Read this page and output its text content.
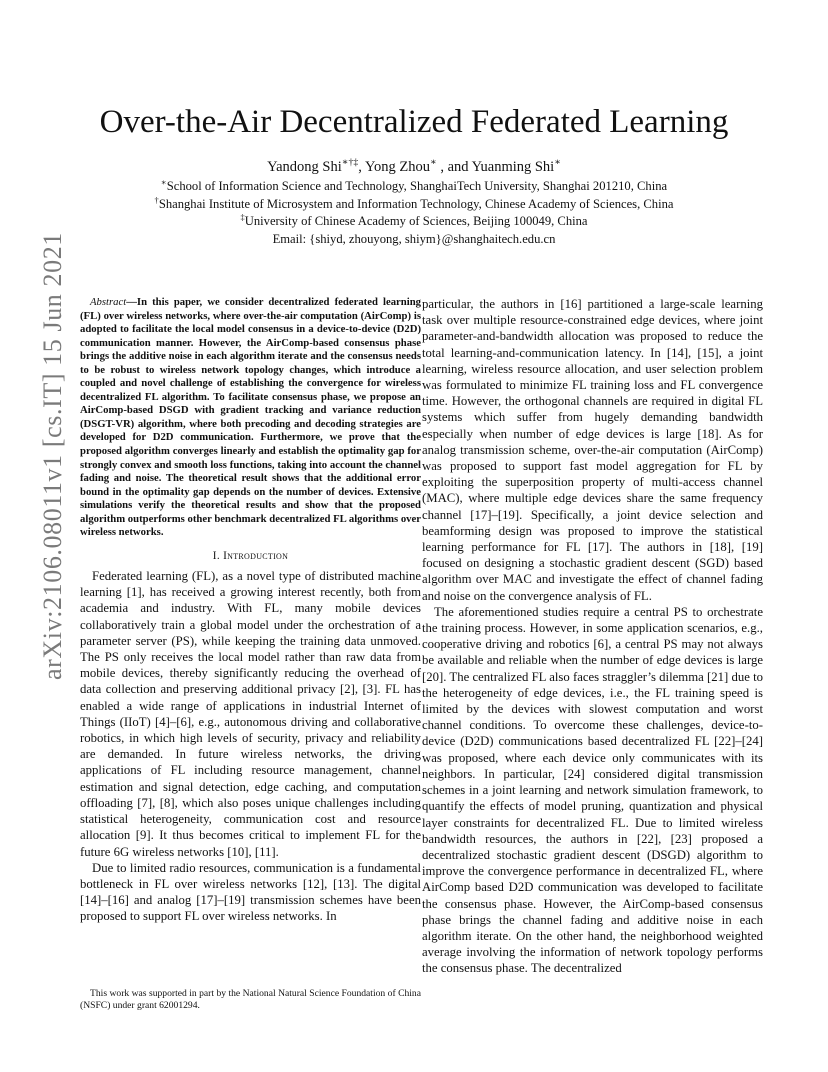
Over-the-Air Decentralized Federated Learning
Yandong Shi∗†‡, Yong Zhou∗ , and Yuanming Shi∗
∗School of Information Science and Technology, ShanghaiTech University, Shanghai 201210, China
†Shanghai Institute of Microsystem and Information Technology, Chinese Academy of Sciences, China
‡University of Chinese Academy of Sciences, Beijing 100049, China
Email: {shiyd, zhouyong, shiym}@shanghaitech.edu.cn
arXiv:2106.08011v1 [cs.IT] 15 Jun 2021	Abstract—In this paper, we consider decentralized federated learning (FL) over wireless networks, where over-the-air computation (AirComp) is adopted to facilitate the local model consensus in a device-to-device (D2D) communication manner. However, the AirComp-based consensus phase brings the additive noise in each algorithm iterate and the consensus needs to be robust to wireless network topology changes, which introduce a coupled and novel challenge of establishing the convergence for wireless decentralized FL algorithm. To facilitate consensus phase, we propose an AirComp-based DSGD with gradient tracking and variance reduction (DSGT-VR) algorithm, where both precoding and decoding strategies are developed for D2D communication. Furthermore, we prove that the proposed algorithm converges linearly and establish the optimality gap for strongly convex and smooth loss functions, taking into account the channel fading and noise. The theoretical result shows that the additional error bound in the optimality gap depends on the number of devices. Extensive simulations verify the theoretical results and show that the proposed algorithm outperforms other benchmark decentralized FL algorithms over wireless networks.

I. Introduction

Federated learning (FL), as a novel type of distributed machine learning [1], has received a growing interest recently, both from academia and industry. With FL, many mobile devices collaboratively train a global model under the orchestration of a parameter server (PS), while keeping the training data unmoved. The PS only receives the local model rather than raw data from mobile devices, thereby significantly reducing the overhead of data collection and preserving additional privacy [2], [3]. FL has enabled a wide range of applications in industrial Internet of Things (IIoT) [4]–[6], e.g., autonomous driving and collaborative robotics, in which high levels of security, privacy and reliability are demanded. In future wireless networks, the driving applications of FL including resource management, channel estimation and signal detection, edge caching, and computation offloading [7], [8], which also poses unique challenges including statistical heterogeneity, communication cost and resource allocation [9]. It thus becomes critical to implement FL for the future 6G wireless networks [10], [11].

Due to limited radio resources, communication is a fundamental bottleneck in FL over wireless networks [12], [13]. The digital [14]–[16] and analog [17]–[19] transmission schemes have been proposed to support FL over wireless networks. In

This work was supported in part by the National Natural Science Foundation of China (NSFC) under grant 62001294.

particular, the authors in [16] partitioned a large-scale learning task over multiple resource-constrained edge devices, where joint parameter-and-bandwidth allocation was proposed to reduce the total learning-and-communication latency. In [14], [15], a joint learning, wireless resource allocation, and user selection problem was formulated to minimize FL training loss and FL convergence time. However, the orthogonal channels are required in digital FL systems which suffer from hugely demanding bandwidth especially when number of edge devices is large [18]. As for analog transmission scheme, over-the-air computation (AirComp) was proposed to support fast model aggregation for FL by exploiting the superposition property of multi-access channel (MAC), where multiple edge devices share the same frequency channel [17]–[19]. Specifically, a joint device selection and beamforming design was proposed to improve the statistical learning performance for FL [17]. The authors in [18], [19] focused on designing a stochastic gradient descent (SGD) based algorithm over MAC and investigate the effect of channel fading and noise on the convergence analysis of FL.

The aforementioned studies require a central PS to orchestrate the training process. However, in some application scenarios, e.g., cooperative driving and robotics [6], a central PS may not always be available and reliable when the number of edge devices is large [20]. The centralized FL also faces straggler’s dilemma [21] due to the heterogeneity of edge devices, i.e., the FL training speed is limited by the devices with slowest computation and worst channel conditions. To overcome these challenges, device-to-device (D2D) communications based decentralized FL [22]–[24] was proposed, where each device only communicates with its neighbors. In particular, [24] considered digital transmission schemes in a joint learning and network simulation framework, to quantify the effects of model pruning, quantization and physical layer constraints for decentralized FL. Due to limited wireless bandwidth resources, the authors in [22], [23] proposed a decentralized stochastic gradient descent (DSGD) algorithm to improve the convergence performance in decentralized FL, where AirComp based D2D communication was developed to facilitate the consensus phase. However, the AirComp-based consensus phase brings the channel fading and additive noise in each algorithm iterate. On the other hand, the neighborhood weighted average involving the information of network topology performs the consensus phase. The decentralized
